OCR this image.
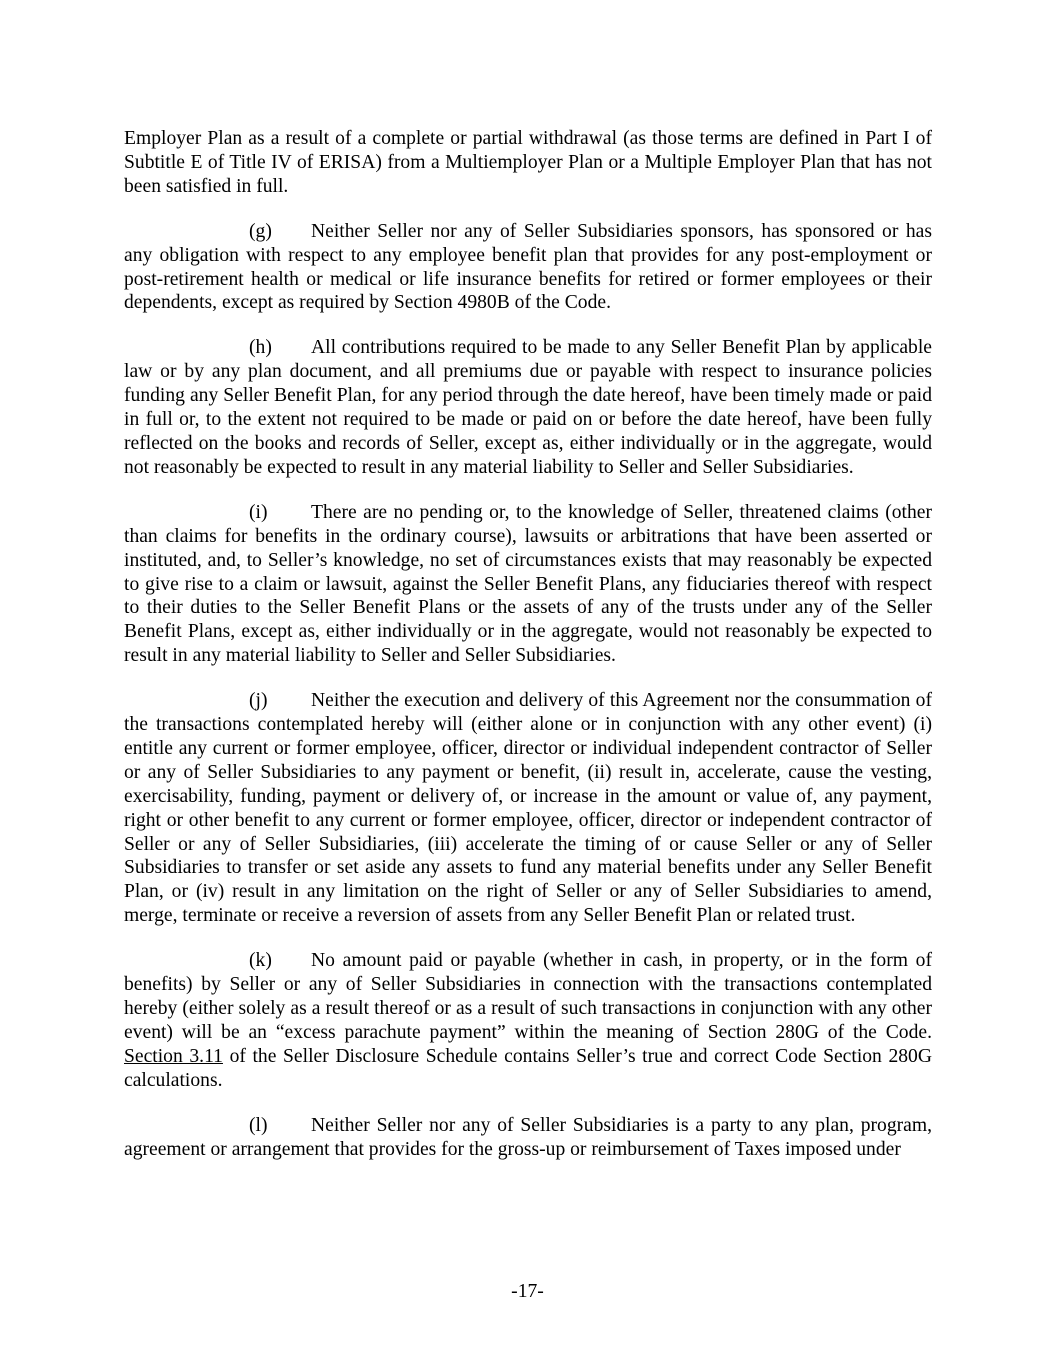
Employer Plan as a result of a complete or partial withdrawal (as those terms are defined in Part I of Subtitle E of Title IV of ERISA) from a Multiemployer Plan or a Multiple Employer Plan that has not been satisfied in full.

(g) Neither Seller nor any of Seller Subsidiaries sponsors, has sponsored or has any obligation with respect to any employee benefit plan that provides for any post-employment or post-retirement health or medical or life insurance benefits for retired or former employees or their dependents, except as required by Section 4980B of the Code.

(h) All contributions required to be made to any Seller Benefit Plan by applicable law or by any plan document, and all premiums due or payable with respect to insurance policies funding any Seller Benefit Plan, for any period through the date hereof, have been timely made or paid in full or, to the extent not required to be made or paid on or before the date hereof, have been fully reflected on the books and records of Seller, except as, either individually or in the aggregate, would not reasonably be expected to result in any material liability to Seller and Seller Subsidiaries.

(i) There are no pending or, to the knowledge of Seller, threatened claims (other than claims for benefits in the ordinary course), lawsuits or arbitrations that have been asserted or instituted, and, to Seller’s knowledge, no set of circumstances exists that may reasonably be expected to give rise to a claim or lawsuit, against the Seller Benefit Plans, any fiduciaries thereof with respect to their duties to the Seller Benefit Plans or the assets of any of the trusts under any of the Seller Benefit Plans, except as, either individually or in the aggregate, would not reasonably be expected to result in any material liability to Seller and Seller Subsidiaries.

(j) Neither the execution and delivery of this Agreement nor the consummation of the transactions contemplated hereby will (either alone or in conjunction with any other event) (i) entitle any current or former employee, officer, director or individual independent contractor of Seller or any of Seller Subsidiaries to any payment or benefit, (ii) result in, accelerate, cause the vesting, exercisability, funding, payment or delivery of, or increase in the amount or value of, any payment, right or other benefit to any current or former employee, officer, director or independent contractor of Seller or any of Seller Subsidiaries, (iii) accelerate the timing of or cause Seller or any of Seller Subsidiaries to transfer or set aside any assets to fund any material benefits under any Seller Benefit Plan, or (iv) result in any limitation on the right of Seller or any of Seller Subsidiaries to amend, merge, terminate or receive a reversion of assets from any Seller Benefit Plan or related trust.

(k) No amount paid or payable (whether in cash, in property, or in the form of benefits) by Seller or any of Seller Subsidiaries in connection with the transactions contemplated hereby (either solely as a result thereof or as a result of such transactions in conjunction with any other event) will be an “excess parachute payment” within the meaning of Section 280G of the Code. Section 3.11 of the Seller Disclosure Schedule contains Seller’s true and correct Code Section 280G calculations.

(l) Neither Seller nor any of Seller Subsidiaries is a party to any plan, program, agreement or arrangement that provides for the gross-up or reimbursement of Taxes imposed under

-17-
